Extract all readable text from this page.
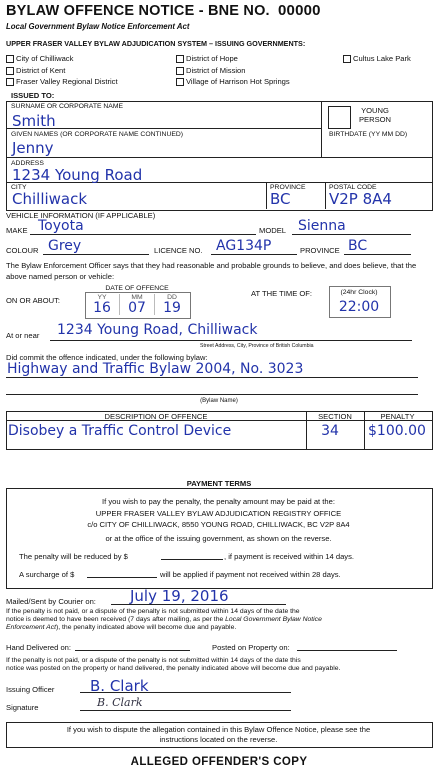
BYLAW OFFENCE NOTICE - BNE NO. 00000
Local Government Bylaw Notice Enforcement Act
UPPER FRASER VALLEY BYLAW ADJUDICATION SYSTEM – ISSUING GOVERNMENTS:
City of Chilliwack
District of Kent
Fraser Valley Regional District
District of Hope
District of Mission
Village of Harrison Hot Springs
Cultus Lake Park
ISSUED TO:
SURNAME OR CORPORATE NAME
Smith
GIVEN NAMES (OR CORPORATE NAME CONTINUED)
Jenny
YOUNG PERSON
BIRTHDATE (YY MM DD)
ADDRESS
1234 Young Road
CITY
Chilliwack
PROVINCE
BC
POSTAL CODE
V2P 8A4
VEHICLE INFORMATION (IF APPLICABLE)
MAKE Toyota	MODEL Sienna
COLOUR Grey	LICENCE NO. AG134P	PROVINCE BC
The Bylaw Enforcement Officer says that they had reasonable and probable grounds to believe, and does believe, that the above named person or vehicle:
ON OR ABOUT:
DATE OF OFFENCE
YY	MM	DD
16	07	19
AT THE TIME OF:	(24hr Clock)
22:00
At or near 1234 Young Road, Chilliwack
Street Address, City, Province of British Columbia
Did commit the offence indicated, under the following bylaw:
Highway and Traffic Bylaw 2004, No. 3023
(Bylaw Name)
DESCRIPTION OF OFFENCE	SECTION	PENALTY
Disobey a Traffic Control Device	34	$100.00
PAYMENT TERMS
If you wish to pay the penalty, the penalty amount may be paid at the:
UPPER FRASER VALLEY BYLAW ADJUDICATION REGISTRY OFFICE
c/o CITY OF CHILLIWACK, 8550 YOUNG ROAD, CHILLIWACK, BC V2P 8A4
or at the office of the issuing government, as shown on the reverse.
The penalty will be reduced by $	, if payment is received within 14 days.
A surcharge of $	will be applied if payment not received within 28 days.
Mailed/Sent by Courier on: July 19, 2016
If the penalty is not paid, or a dispute of the penalty is not submitted within 14 days of the date the
notice is deemed to have been received (7 days after mailing, as per the Local Government Bylaw Notice
Enforcement Act), the penalty indicated above will become due and payable.
Hand Delivered on:	Posted on Property on:
If the penalty is not paid, or a dispute of the penalty is not submitted within 14 days of the date this
notice was posted on the property or hand delivered, the penalty indicated above will become due and payable.
Issuing Officer B. Clark
Signature	B. Clark
If you wish to dispute the allegation contained in this Bylaw Offence Notice, please see the
instructions located on the reverse.
ALLEGED OFFENDER'S COPY
